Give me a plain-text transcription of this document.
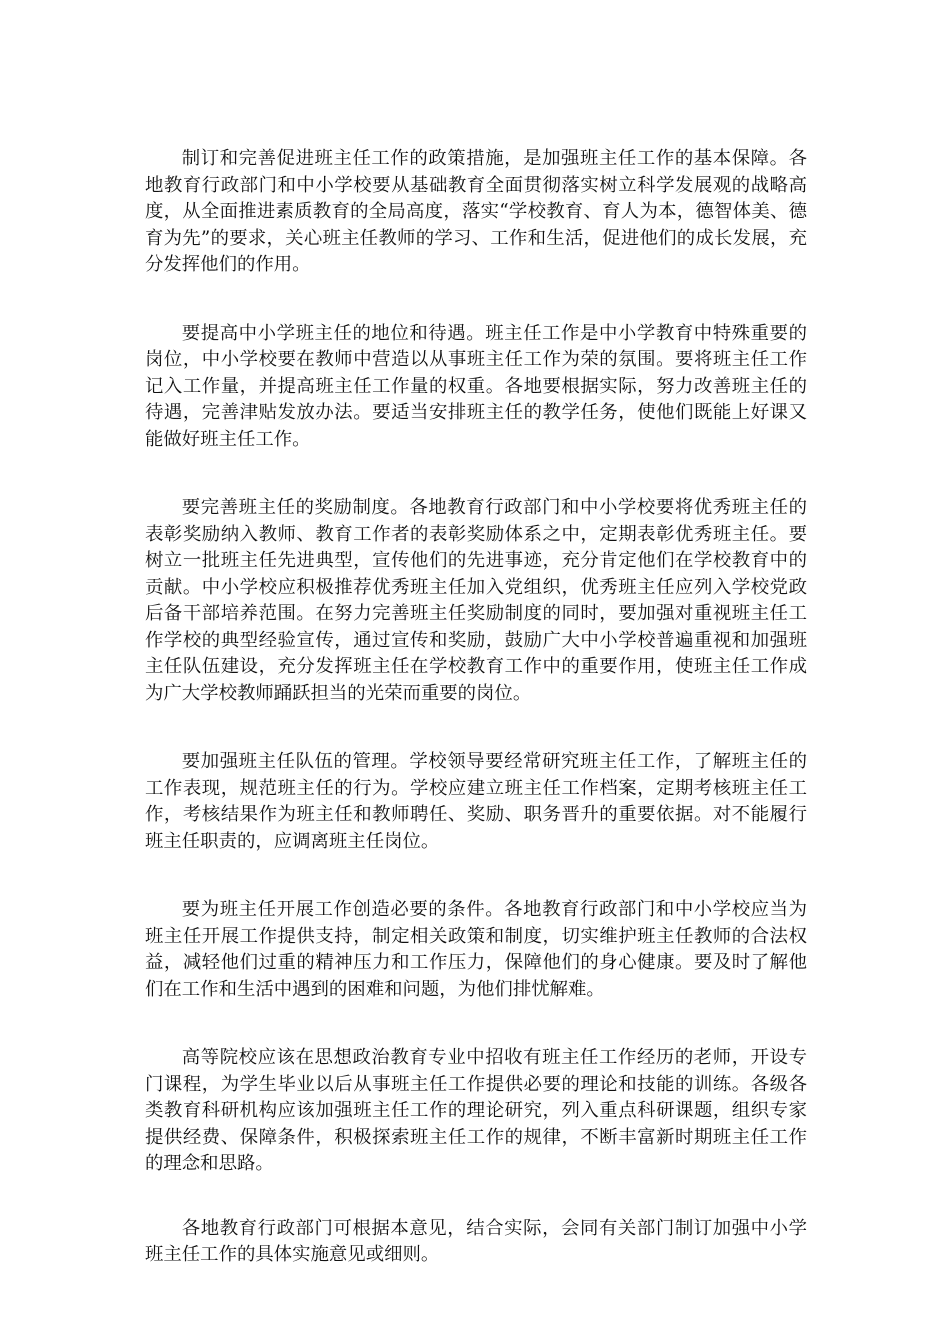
制订和完善促进班主任工作的政策措施，是加强班主任工作的基本保障。各地教育行政部门和中小学校要从基础教育全面贯彻落实树立科学发展观的战略高度，从全面推进素质教育的全局高度，落实“学校教育、育人为本，德智体美、德育为先”的要求，关心班主任教师的学习、工作和生活，促进他们的成长发展，充分发挥他们的作用。

要提高中小学班主任的地位和待遇。班主任工作是中小学教育中特殊重要的岗位，中小学校要在教师中营造以从事班主任工作为荣的氛围。要将班主任工作记入工作量，并提高班主任工作量的权重。各地要根据实际，努力改善班主任的待遇，完善津贴发放办法。要适当安排班主任的教学任务，使他们既能上好课又能做好班主任工作。

要完善班主任的奖励制度。各地教育行政部门和中小学校要将优秀班主任的表彰奖励纳入教师、教育工作者的表彰奖励体系之中，定期表彰优秀班主任。要树立一批班主任先进典型，宣传他们的先进事迹，充分肯定他们在学校教育中的贡献。中小学校应积极推荐优秀班主任加入党组织，优秀班主任应列入学校党政后备干部培养范围。在努力完善班主任奖励制度的同时，要加强对重视班主任工作学校的典型经验宣传，通过宣传和奖励，鼓励广大中小学校普遍重视和加强班主任队伍建设，充分发挥班主任在学校教育工作中的重要作用，使班主任工作成为广大学校教师踊跃担当的光荣而重要的岗位。

要加强班主任队伍的管理。学校领导要经常研究班主任工作，了解班主任的工作表现，规范班主任的行为。学校应建立班主任工作档案，定期考核班主任工作，考核结果作为班主任和教师聘任、奖励、职务晋升的重要依据。对不能履行班主任职责的，应调离班主任岗位。

要为班主任开展工作创造必要的条件。各地教育行政部门和中小学校应当为班主任开展工作提供支持，制定相关政策和制度，切实维护班主任教师的合法权益，减轻他们过重的精神压力和工作压力，保障他们的身心健康。要及时了解他们在工作和生活中遇到的困难和问题，为他们排忧解难。

高等院校应该在思想政治教育专业中招收有班主任工作经历的老师，开设专门课程，为学生毕业以后从事班主任工作提供必要的理论和技能的训练。各级各类教育科研机构应该加强班主任工作的理论研究，列入重点科研课题，组织专家提供经费、保障条件，积极探索班主任工作的规律，不断丰富新时期班主任工作的理念和思路。

各地教育行政部门可根据本意见，结合实际，会同有关部门制订加强中小学班主任工作的具体实施意见或细则。
